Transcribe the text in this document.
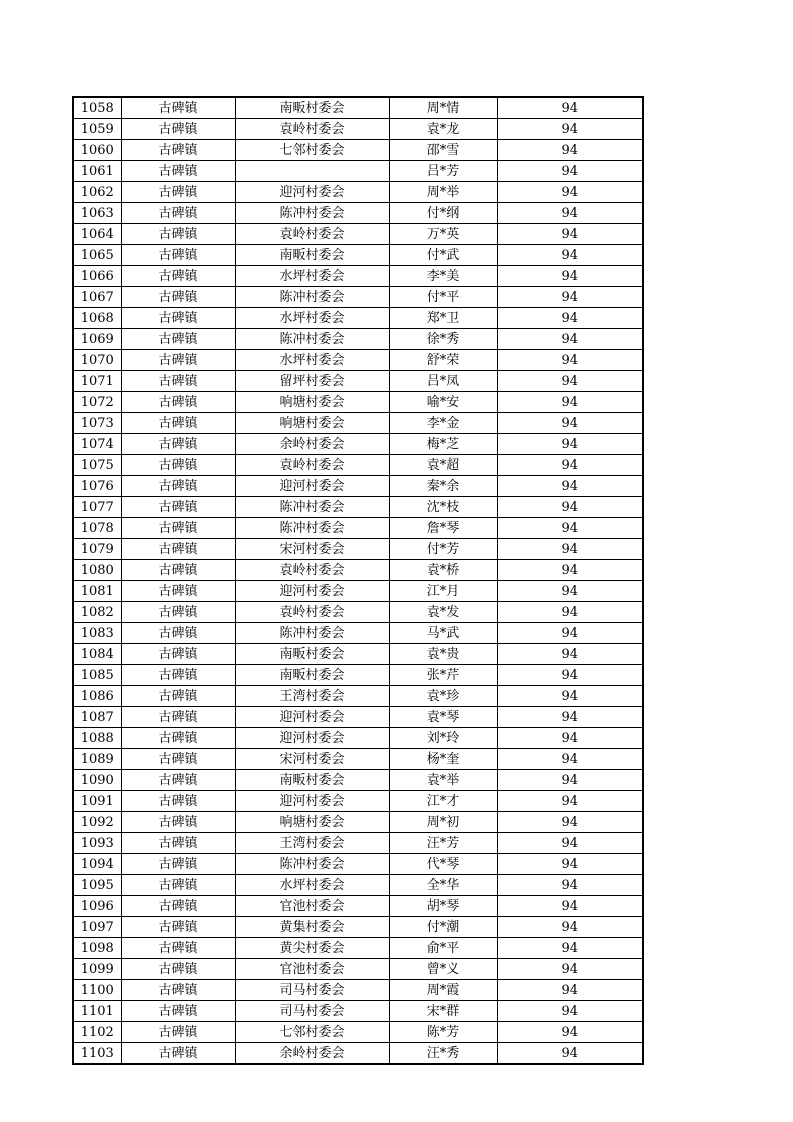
1058	古碑镇	南畈村委会	周*情	94
1059	古碑镇	袁岭村委会	袁*龙	94
1060	古碑镇	七邻村委会	邵*雪	94
1061	古碑镇		吕*芳	94
1062	古碑镇	迎河村委会	周*举	94
1063	古碑镇	陈冲村委会	付*纲	94
1064	古碑镇	袁岭村委会	万*英	94
1065	古碑镇	南畈村委会	付*武	94
1066	古碑镇	水坪村委会	李*美	94
1067	古碑镇	陈冲村委会	付*平	94
1068	古碑镇	水坪村委会	郑*卫	94
1069	古碑镇	陈冲村委会	徐*秀	94
1070	古碑镇	水坪村委会	舒*荣	94
1071	古碑镇	留坪村委会	吕*凤	94
1072	古碑镇	响塘村委会	喻*安	94
1073	古碑镇	响塘村委会	李*金	94
1074	古碑镇	余岭村委会	梅*芝	94
1075	古碑镇	袁岭村委会	袁*超	94
1076	古碑镇	迎河村委会	秦*余	94
1077	古碑镇	陈冲村委会	沈*枝	94
1078	古碑镇	陈冲村委会	詹*琴	94
1079	古碑镇	宋河村委会	付*芳	94
1080	古碑镇	袁岭村委会	袁*桥	94
1081	古碑镇	迎河村委会	江*月	94
1082	古碑镇	袁岭村委会	袁*发	94
1083	古碑镇	陈冲村委会	马*武	94
1084	古碑镇	南畈村委会	袁*贵	94
1085	古碑镇	南畈村委会	张*芹	94
1086	古碑镇	王湾村委会	袁*珍	94
1087	古碑镇	迎河村委会	袁*琴	94
1088	古碑镇	迎河村委会	刘*玲	94
1089	古碑镇	宋河村委会	杨*奎	94
1090	古碑镇	南畈村委会	袁*举	94
1091	古碑镇	迎河村委会	江*才	94
1092	古碑镇	响塘村委会	周*初	94
1093	古碑镇	王湾村委会	汪*芳	94
1094	古碑镇	陈冲村委会	代*琴	94
1095	古碑镇	水坪村委会	全*华	94
1096	古碑镇	官池村委会	胡*琴	94
1097	古碑镇	黄集村委会	付*潮	94
1098	古碑镇	黄尖村委会	俞*平	94
1099	古碑镇	官池村委会	曾*义	94
1100	古碑镇	司马村委会	周*霞	94
1101	古碑镇	司马村委会	宋*群	94
1102	古碑镇	七邻村委会	陈*芳	94
1103	古碑镇	余岭村委会	汪*秀	94
